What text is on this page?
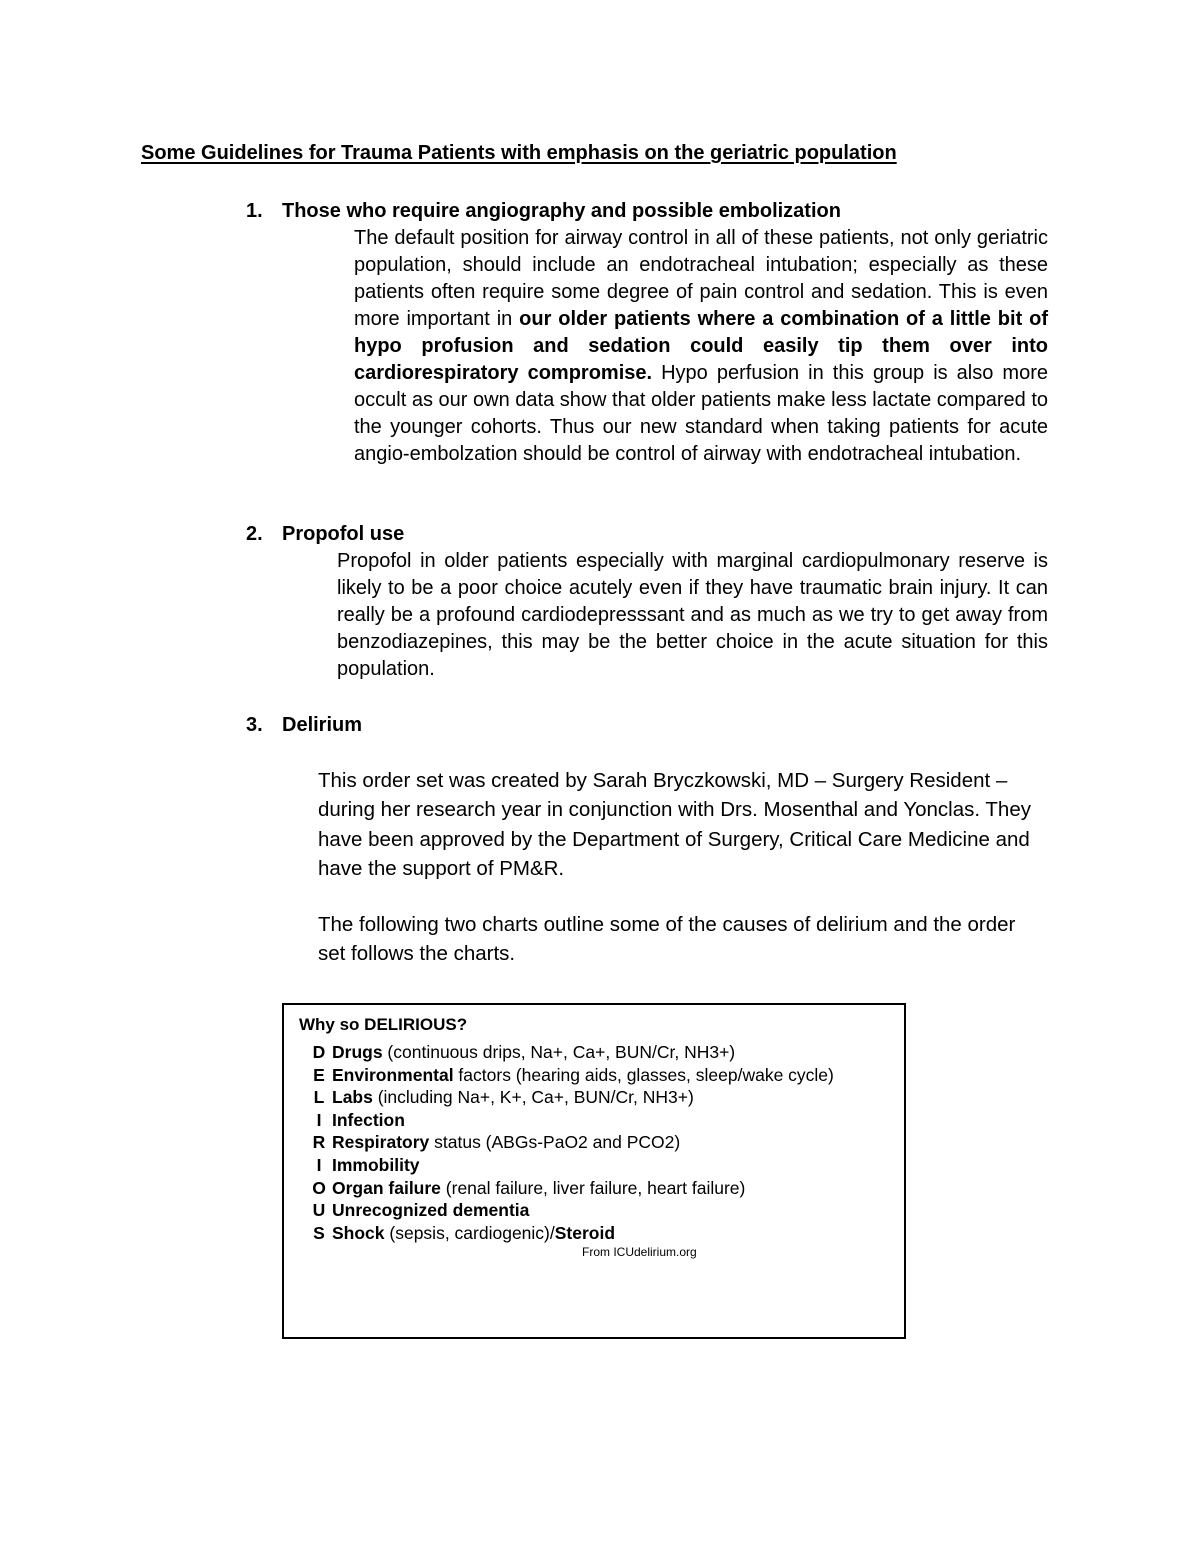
Some Guidelines for Trauma Patients with emphasis on the geriatric population
1. Those who require angiography and possible embolization
The default position for airway control in all of these patients, not only geriatric population, should include an endotracheal intubation; especially as these patients often require some degree of pain control and sedation. This is even more important in our older patients where a combination of a little bit of hypo profusion and sedation could easily tip them over into cardiorespiratory compromise. Hypo perfusion in this group is also more occult as our own data show that older patients make less lactate compared to the younger cohorts. Thus our new standard when taking patients for acute angio-embolzation should be control of airway with endotracheal intubation.
2. Propofol use
Propofol in older patients especially with marginal cardiopulmonary reserve is likely to be a poor choice acutely even if they have traumatic brain injury. It can really be a profound cardiodepresssant and as much as we try to get away from benzodiazepines, this may be the better choice in the acute situation for this population.
3. Delirium
This order set was created by Sarah Bryczkowski, MD – Surgery Resident – during her research year in conjunction with Drs. Mosenthal and Yonclas. They have been approved by the Department of Surgery, Critical Care Medicine and have the support of PM&R.
The following two charts outline some of the causes of delirium and the order set follows the charts.
Why so DELIRIOUS?
D Drugs (continuous drips, Na+, Ca+, BUN/Cr, NH3+)
E Environmental factors (hearing aids, glasses, sleep/wake cycle)
L Labs (including Na+, K+, Ca+, BUN/Cr, NH3+)
I Infection
R Respiratory status (ABGs-PaO2 and PCO2)
I Immobility
O Organ failure (renal failure, liver failure, heart failure)
U Unrecognized dementia
S Shock (sepsis, cardiogenic)/Steroid
From ICUdelirium.org
